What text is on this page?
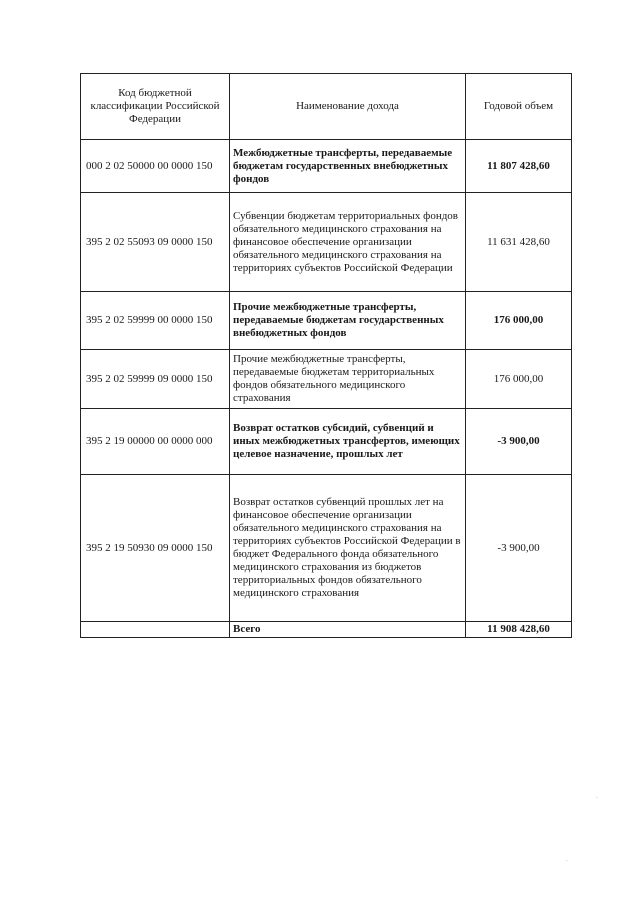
Код бюджетной классификации Российской Федерации	Наименование дохода	Годовой объем
000 2 02 50000 00 0000 150	Межбюджетные трансферты, передаваемые бюджетам государственных внебюджетных фондов	11 807 428,60
395 2 02 55093 09 0000 150	Субвенции бюджетам территориальных фондов обязательного медицинского страхования на финансовое обеспечение организации обязательного медицинского страхования на территориях субъектов Российской Федерации	11 631 428,60
395 2 02 59999 00 0000 150	Прочие межбюджетные трансферты, передаваемые бюджетам государственных внебюджетных фондов	176 000,00
395 2 02 59999 09 0000 150	Прочие межбюджетные трансферты, передаваемые бюджетам территориальных фондов обязательного медицинского страхования	176 000,00
395 2 19 00000 00 0000 000	Возврат остатков субсидий, субвенций и иных межбюджетных трансфертов, имеющих целевое назначение, прошлых лет	-3 900,00
395 2 19 50930 09 0000 150	Возврат остатков субвенций прошлых лет на финансовое обеспечение организации обязательного медицинского страхования на территориях субъектов Российской Федерации в бюджет Федерального фонда обязательного медицинского страхования из бюджетов территориальных фондов обязательного медицинского страхования	-3 900,00
	Всего	11 908 428,60
·
·
